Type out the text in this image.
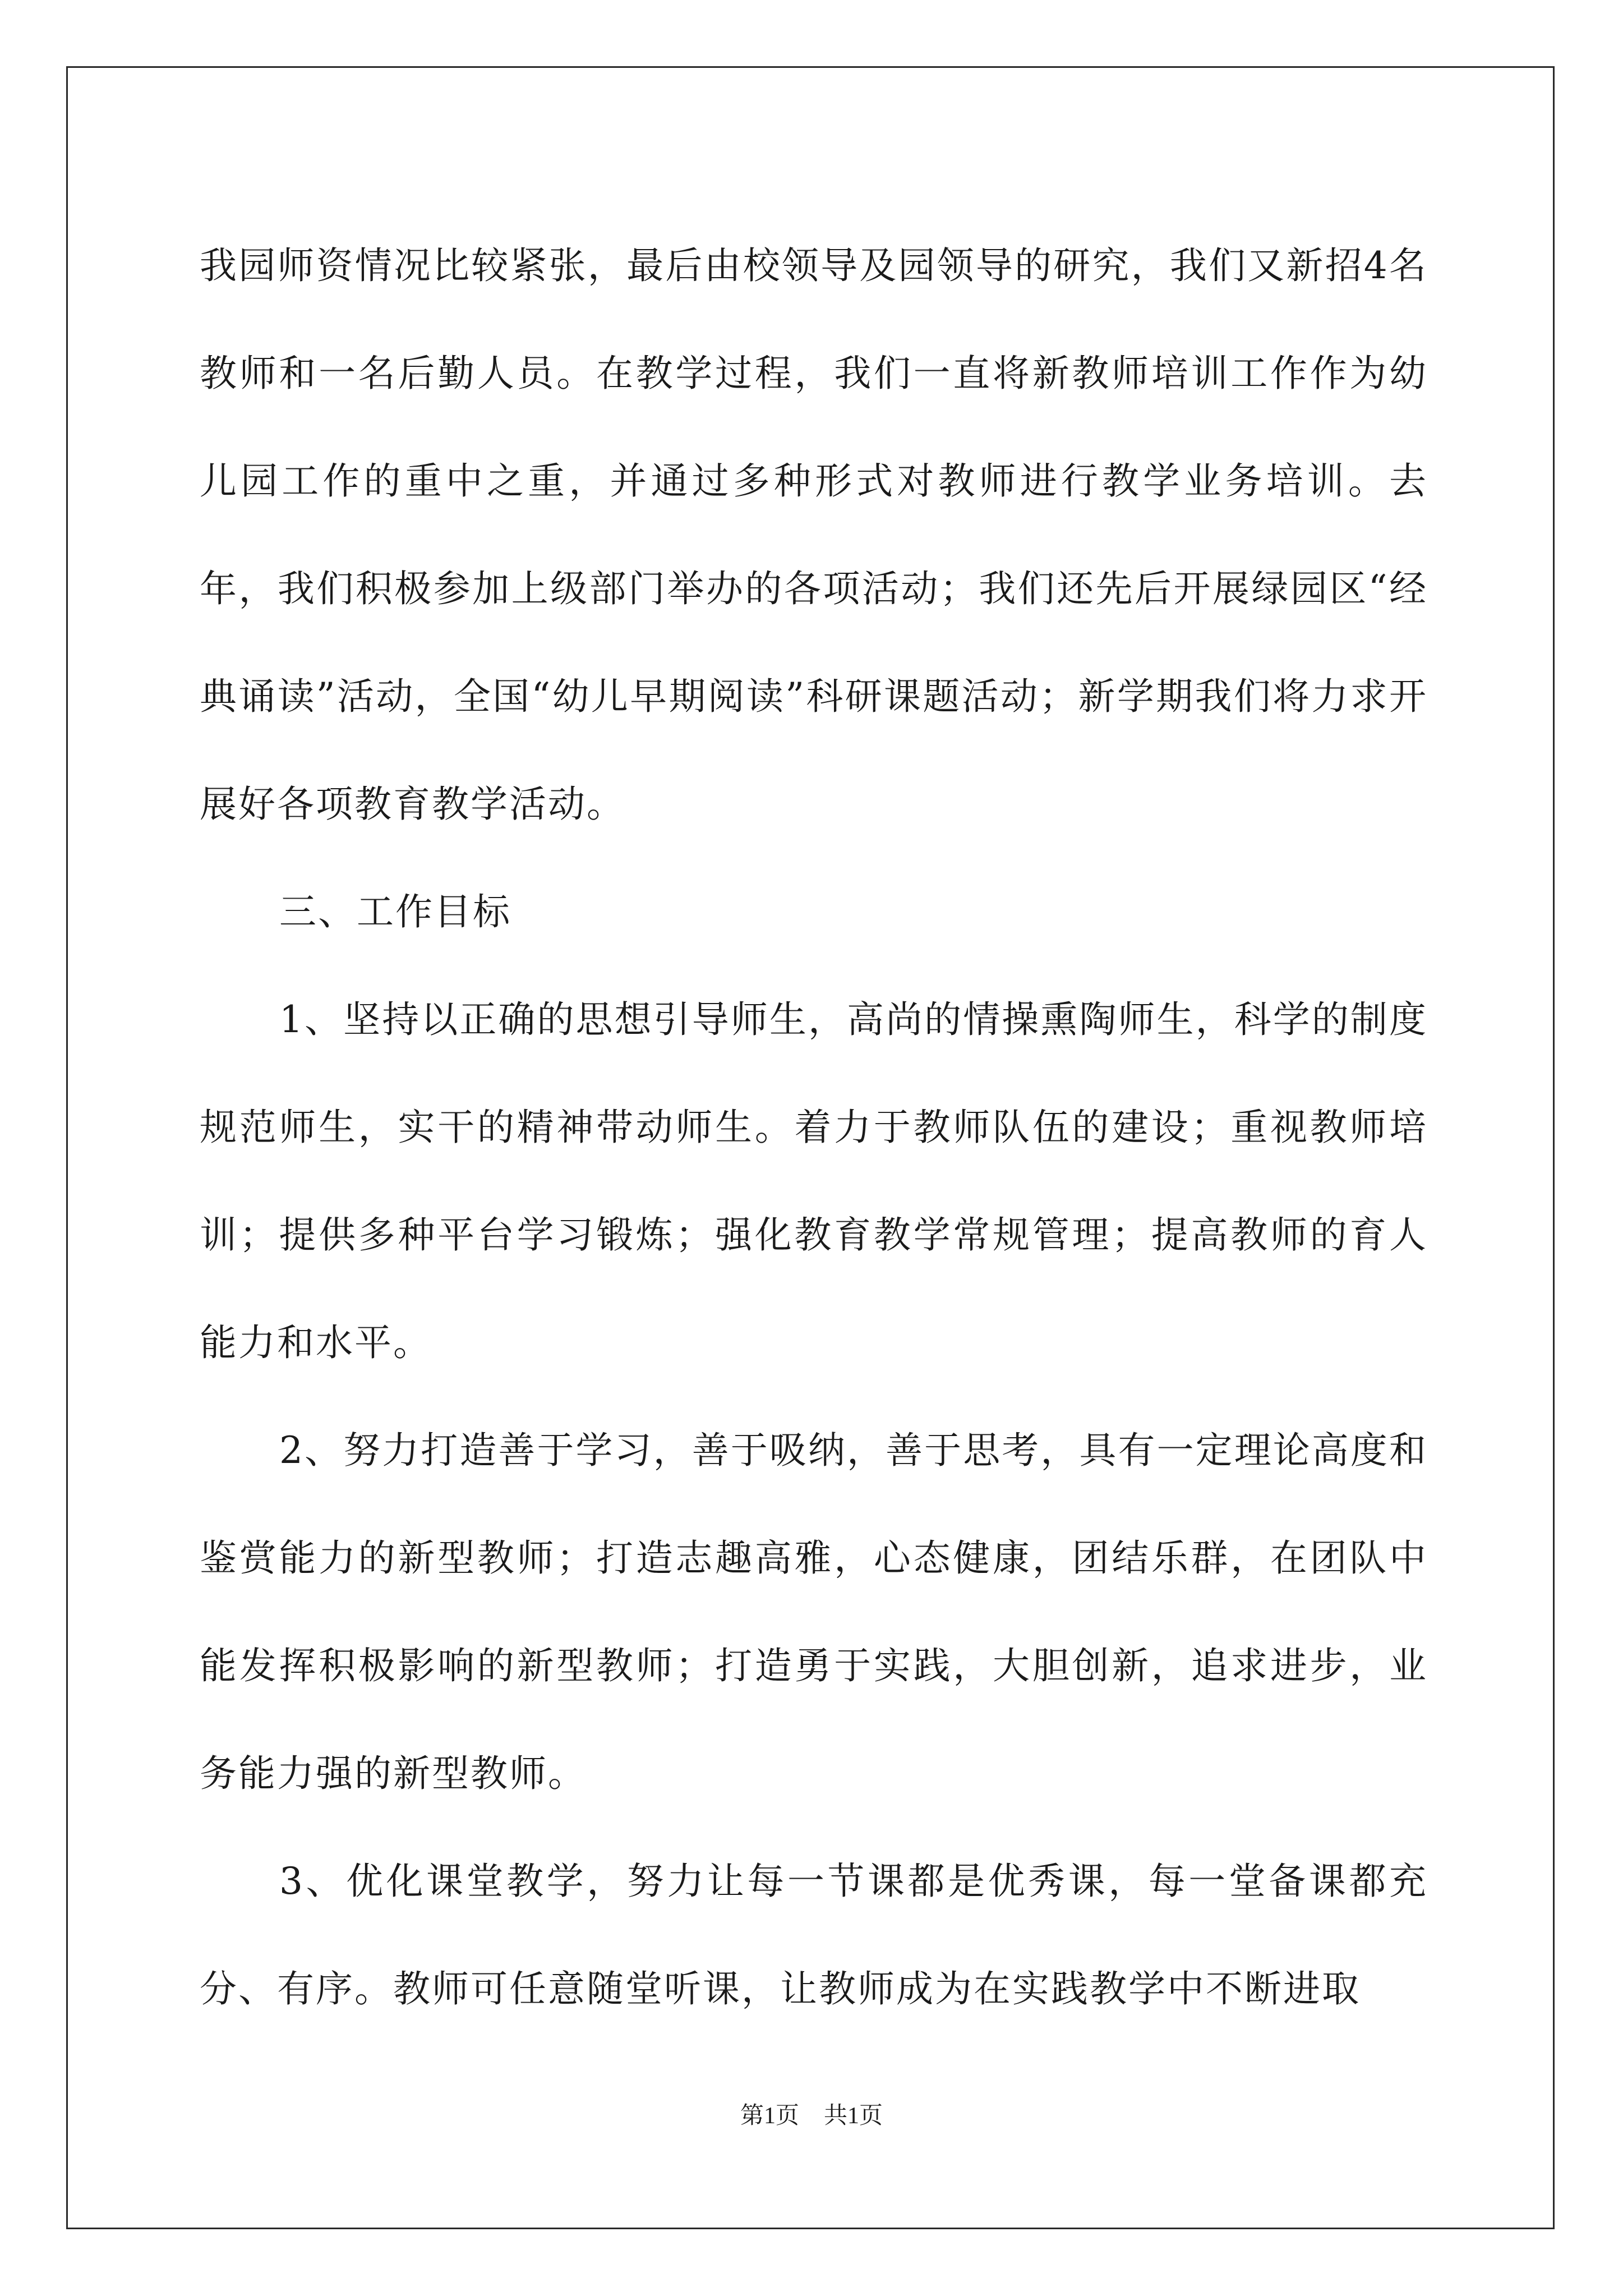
我园师资情况比较紧张，最后由校领导及园领导的研究，我们又新招4名教师和一名后勤人员。在教学过程，我们一直将新教师培训工作作为幼儿园工作的重中之重，并通过多种形式对教师进行教学业务培训。去年，我们积极参加上级部门举办的各项活动；我们还先后开展绿园区“经典诵读”活动，全国“幼儿早期阅读”科研课题活动；新学期我们将力求开展好各项教育教学活动。

三、工作目标

1、坚持以正确的思想引导师生，高尚的情操熏陶师生，科学的制度规范师生，实干的精神带动师生。着力于教师队伍的建设；重视教师培训；提供多种平台学习锻炼；强化教育教学常规管理；提高教师的育人能力和水平。

2、努力打造善于学习，善于吸纳，善于思考，具有一定理论高度和鉴赏能力的新型教师；打造志趣高雅，心态健康，团结乐群，在团队中能发挥积极影响的新型教师；打造勇于实践，大胆创新，追求进步，业务能力强的新型教师。

3、优化课堂教学，努力让每一节课都是优秀课，每一堂备课都充分、有序。教师可任意随堂听课，让教师成为在实践教学中不断进取

第1页 共1页
